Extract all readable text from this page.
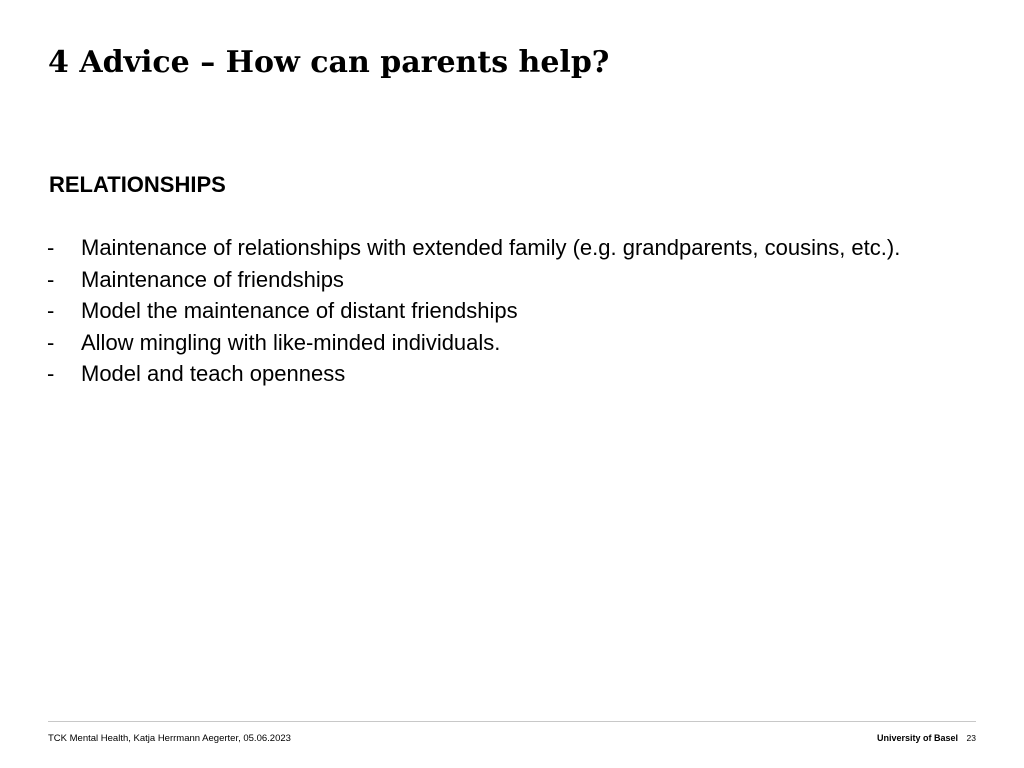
4 Advice – How can parents help?
RELATIONSHIPS
- Maintenance of relationships with extended family (e.g. grandparents, cousins, etc.).
- Maintenance of friendships
- Model the maintenance of distant friendships
- Allow mingling with like-minded individuals.
- Model and teach openness
TCK Mental Health, Katja Herrmann Aegerter, 05.06.2023	University of Basel 23
